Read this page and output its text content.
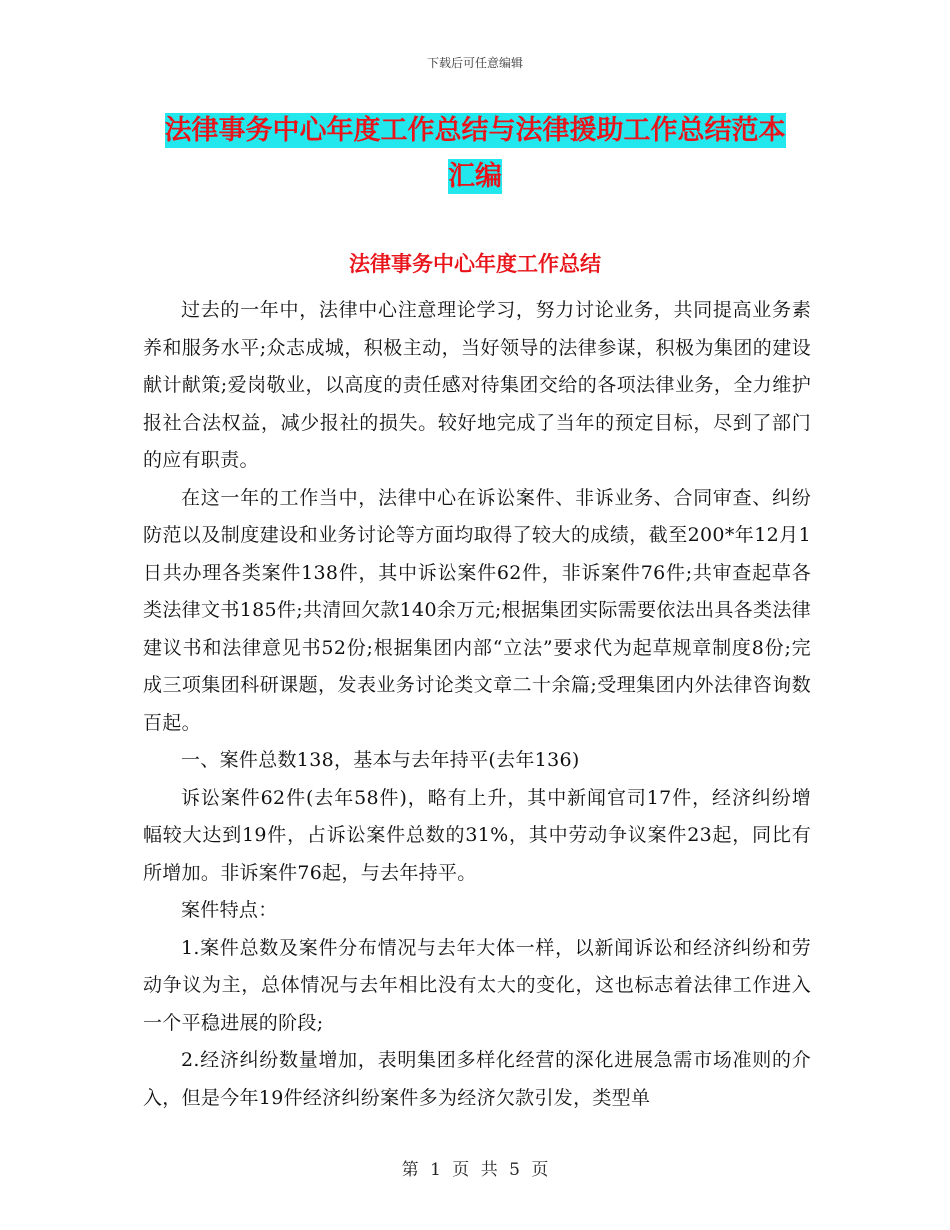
下载后可任意编辑
法律事务中心年度工作总结与法律援助工作总结范本
汇编
法律事务中心年度工作总结

过去的一年中，法律中心注意理论学习，努力讨论业务，共同提高业务素养和服务水平;众志成城，积极主动，当好领导的法律参谋，积极为集团的建设献计献策;爱岗敬业，以高度的责任感对待集团交给的各项法律业务，全力维护报社合法权益，减少报社的损失。较好地完成了当年的预定目标，尽到了部门的应有职责。

在这一年的工作当中，法律中心在诉讼案件、非诉业务、合同审查、纠纷防范以及制度建设和业务讨论等方面均取得了较大的成绩，截至200*年12月1日共办理各类案件138件，其中诉讼案件62件，非诉案件76件;共审查起草各类法律文书185件;共清回欠款140余万元;根据集团实际需要依法出具各类法律建议书和法律意见书52份;根据集团内部“立法”要求代为起草规章制度8份;完成三项集团科研课题，发表业务讨论类文章二十余篇;受理集团内外法律咨询数百起。

一、案件总数138，基本与去年持平(去年136)

诉讼案件62件(去年58件)，略有上升，其中新闻官司17件，经济纠纷增幅较大达到19件，占诉讼案件总数的31%，其中劳动争议案件23起，同比有所增加。非诉案件76起，与去年持平。

案件特点：

1.案件总数及案件分布情况与去年大体一样，以新闻诉讼和经济纠纷和劳动争议为主，总体情况与去年相比没有太大的变化，这也标志着法律工作进入一个平稳进展的阶段;

2.经济纠纷数量增加，表明集团多样化经营的深化进展急需市场准则的介入，但是今年19件经济纠纷案件多为经济欠款引发，类型单

第 1 页 共 5 页
